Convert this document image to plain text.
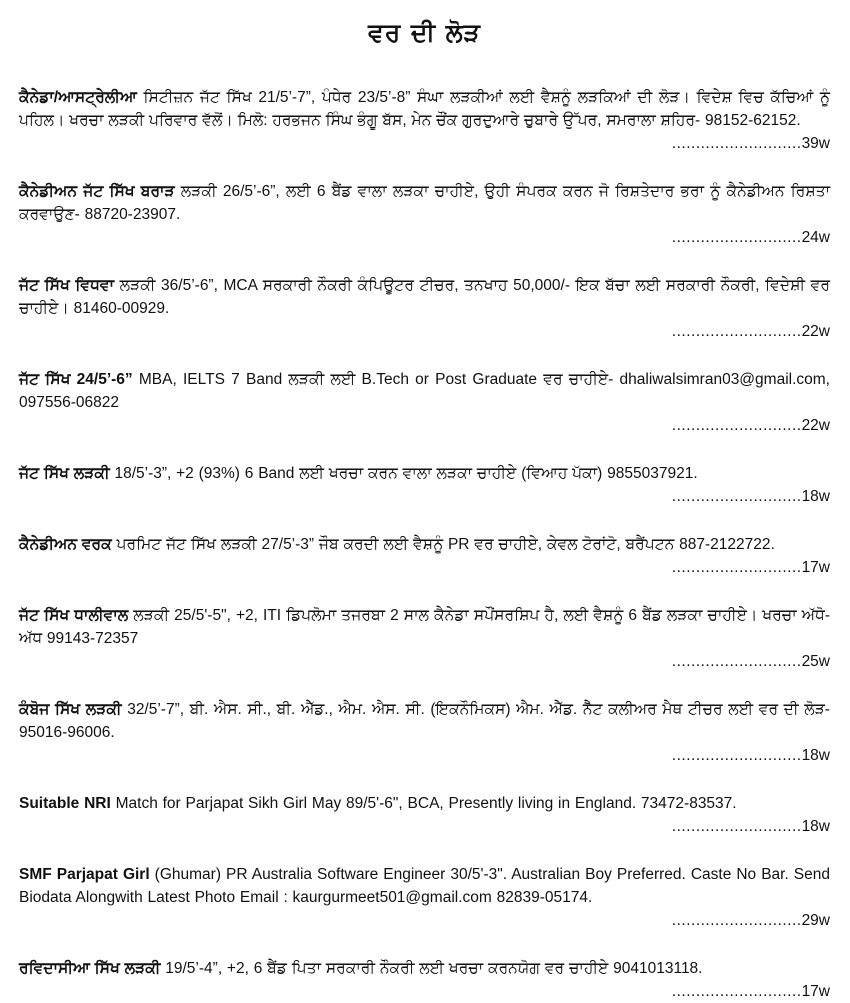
ਵਰ ਦੀ ਲੋੜ
ਕੈਨੇਡਾ/ਆਸਟ੍ਰੇਲੀਆ ਸਿਟੀਜ਼ਨ ਜੱਟ ਸਿੱਖ 21/5’-7”, ਪੰਧੇਰ 23/5’-8” ਸੰਘਾ ਲੜਕੀਆਂ ਲਈ ਵੈਸ਼ਨੂੰ ਲੜਕਿਆਂ ਦੀ ਲੋੜ। ਵਿਦੇਸ਼ ਵਿਚ ਕੱਚਿਆਂ ਨੂੰ ਪਹਿਲ। ਖਰਚਾ ਲੜਕੀ ਪਰਿਵਾਰ ਵੱਲੋਂ। ਮਿਲੋ: ਹਰਭਜਨ ਸਿੰਘ ਭੰਗੂ ਬੱਸ, ਮੇਨ ਚੌਂਕ ਗੁਰਦੁਆਰੇ ਚੁਬਾਰੇ ਉੱਪਰ, ਸਮਰਾਲਾ ਸ਼ਹਿਰ- 98152-62152.
........................... 39w
ਕੈਨੇਡੀਅਨ ਜੱਟ ਸਿੱਖ ਬਰਾੜ ਲੜਕੀ 26/5’-6”, ਲਈ 6 ਬੈਂਡ ਵਾਲਾ ਲੜਕਾ ਚਾਹੀਏ, ਉਹੀ ਸੰਪਰਕ ਕਰਨ ਜੋ ਰਿਸ਼ਤੇਦਾਰ ਭਰਾ ਨੂੰ ਕੈਨੇਡੀਅਨ ਰਿਸ਼ਤਾ ਕਰਵਾਉਣ- 88720-23907.
........................... 24w
ਜੱਟ ਸਿੱਖ ਵਿਧਵਾ ਲੜਕੀ 36/5’-6”, MCA ਸਰਕਾਰੀ ਨੌਕਰੀ ਕੰਪਿਊਟਰ ਟੀਚਰ, ਤਨਖਾਹ 50,000/- ਇਕ ਬੱਚਾ ਲਈ ਸਰਕਾਰੀ ਨੌਕਰੀ, ਵਿਦੇਸ਼ੀ ਵਰ ਚਾਹੀਏ। 81460-00929.
........................... 22w
ਜੱਟ ਸਿੱਖ 24/5’-6” MBA, IELTS 7 Band ਲੜਕੀ ਲਈ B.Tech or Post Graduate ਵਰ ਚਾਹੀਏ- dhaliwalsimran03@gmail.com, 097556-06822
........................... 22w
ਜੱਟ ਸਿੱਖ ਲੜਕੀ 18/5’-3”, +2 (93%) 6 Band ਲਈ ਖਰਚਾ ਕਰਨ ਵਾਲਾ ਲੜਕਾ ਚਾਹੀਏ (ਵਿਆਹ ਪੱਕਾ) 9855037921.
........................... 18w
ਕੈਨੇਡੀਅਨ ਵਰਕ ਪਰਮਿਟ ਜੱਟ ਸਿੱਖ ਲੜਕੀ 27/5’-3” ਜੌਬ ਕਰਦੀ ਲਈ ਵੈਸ਼ਨੂੰ PR ਵਰ ਚਾਹੀਏ, ਕੇਵਲ ਟੋਰਾਂਟੋ, ਬਰੈਂਪਟਨ 887-2122722.
........................... 17w
ਜੱਟ ਸਿੱਖ ਧਾਲੀਵਾਲ ਲੜਕੀ 25/5'-5", +2, ITI ਡਿਪਲੋਮਾ ਤਜਰਬਾ 2 ਸਾਲ ਕੈਨੇਡਾ ਸਪੌਂਸਰਸ਼ਿਪ ਹੈ, ਲਈ ਵੈਸ਼ਨੂੰ 6 ਬੈਂਡ ਲੜਕਾ ਚਾਹੀਏ। ਖਰਚਾ ਅੱਧੋ-ਅੱਧ 99143-72357
........................... 25w
ਕੰਬੋਜ ਸਿੱਖ ਲੜਕੀ 32/5’-7”, ਬੀ. ਐਸ. ਸੀ., ਬੀ. ਐੱਡ., ਐਮ. ਐਸ. ਸੀ. (ਇਕਨੌਮਿਕਸ) ਐਮ. ਐੱਡ. ਨੈੱਟ ਕਲੀਅਰ ਮੈਥ ਟੀਚਰ ਲਈ ਵਰ ਦੀ ਲੋੜ- 95016-96006.
........................... 18w
Suitable NRI Match for Parjapat Sikh Girl May 89/5'-6", BCA, Presently living in England. 73472-83537.
........................... 18w
SMF Parjapat Girl (Ghumar) PR Australia Software Engineer 30/5'-3". Australian Boy Preferred. Caste No Bar. Send Biodata Alongwith Latest Photo Email : kaurgurmeet501@gmail.com 82839-05174.
........................... 29w
ਰਵਿਦਾਸੀਆ ਸਿੱਖ ਲੜਕੀ 19/5’-4”, +2, 6 ਬੈਂਡ ਪਿਤਾ ਸਰਕਾਰੀ ਨੌਕਰੀ ਲਈ ਖਰਚਾ ਕਰਨਯੋਗ ਵਰ ਚਾਹੀਏ 9041013118.
........................... 17w
